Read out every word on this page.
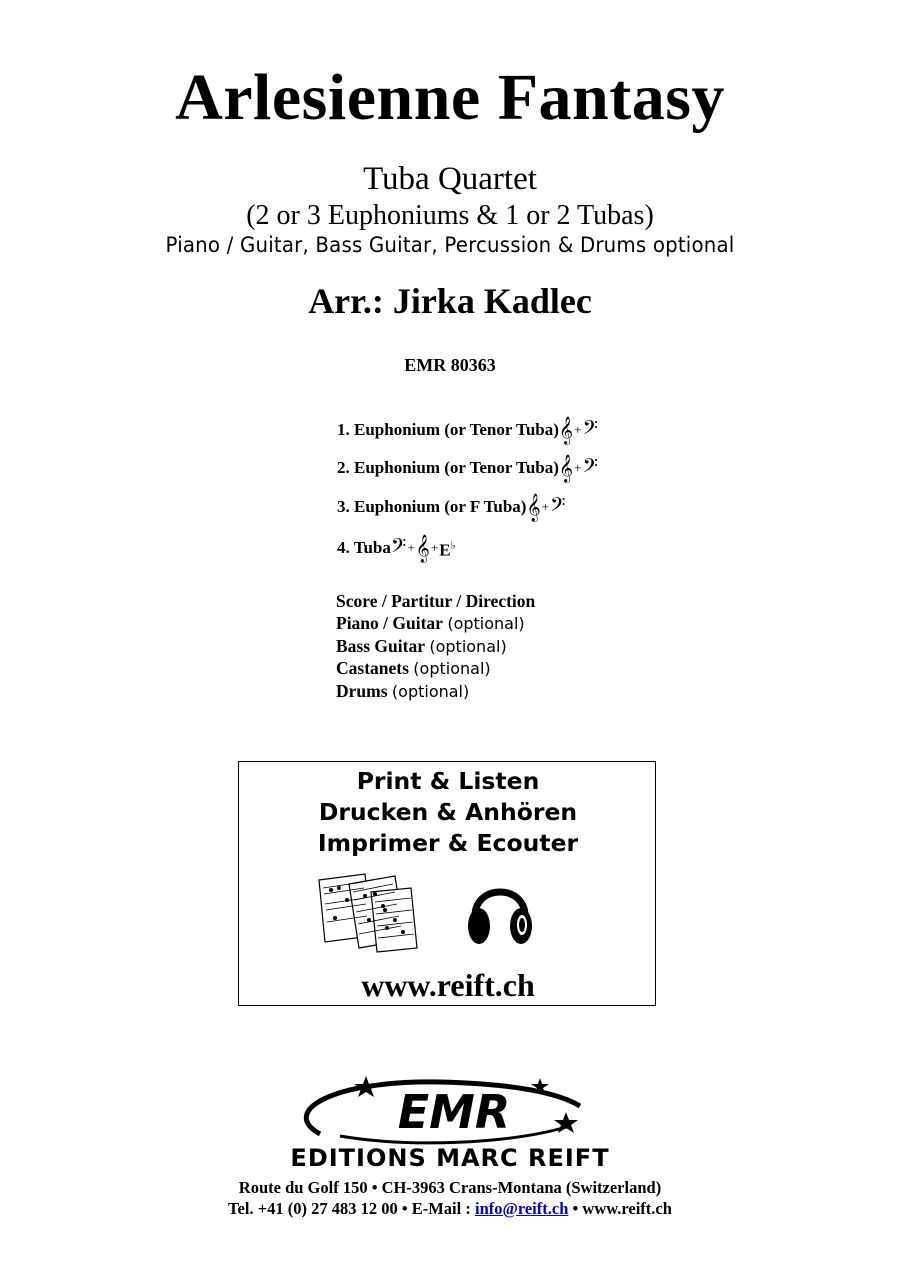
Arlesienne Fantasy
Tuba Quartet
(2 or 3 Euphoniums & 1 or 2 Tubas)
Piano / Guitar, Bass Guitar, Percussion & Drums optional
Arr.: Jirka Kadlec
EMR 80363
1. Euphonium (or Tenor Tuba) 𝄞 + 𝄢
2. Euphonium (or Tenor Tuba) 𝄞 + 𝄢
3. Euphonium (or F Tuba) 𝄞 + 𝄢
4. Tuba 𝄢 + 𝄞 + E♭
Score / Partitur / Direction
Piano / Guitar (optional)
Bass Guitar (optional)
Castanets (optional)
Drums (optional)
Print & Listen
Drucken & Anhören
Imprimer & Ecouter
www.reift.ch
EMR
EDITIONS MARC REIFT
Route du Golf 150 • CH-3963 Crans-Montana (Switzerland)
Tel. +41 (0) 27 483 12 00 • E-Mail : info@reift.ch • www.reift.ch
